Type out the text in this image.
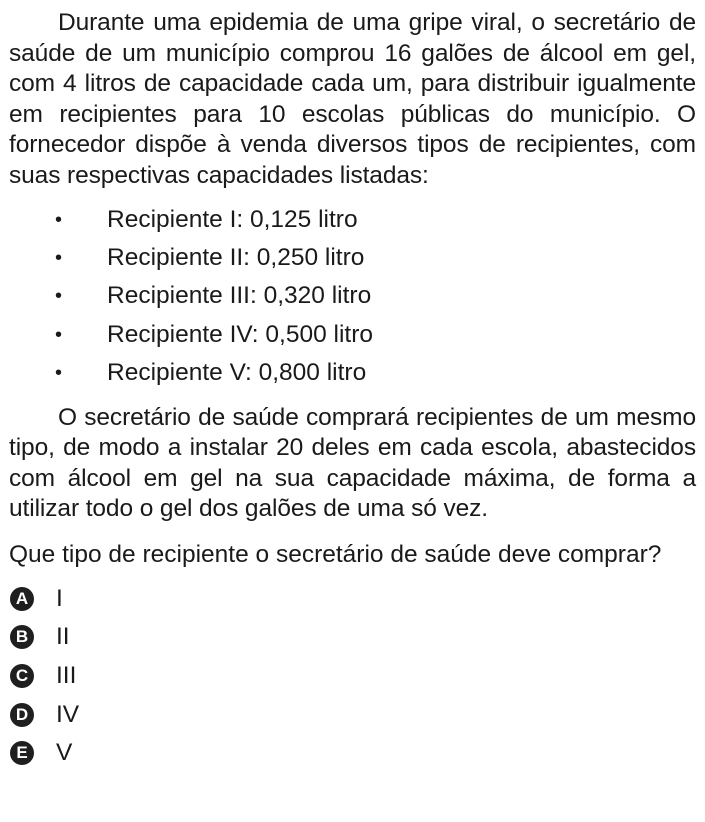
Durante uma epidemia de uma gripe viral, o secretário de saúde de um município comprou 16 galões de álcool em gel, com 4 litros de capacidade cada um, para distribuir igualmente em recipientes para 10 escolas públicas do município. O fornecedor dispõe à venda diversos tipos de recipientes, com suas respectivas capacidades listadas:

• Recipiente I: 0,125 litro
• Recipiente II: 0,250 litro
• Recipiente III: 0,320 litro
• Recipiente IV: 0,500 litro
• Recipiente V: 0,800 litro

O secretário de saúde comprará recipientes de um mesmo tipo, de modo a instalar 20 deles em cada escola, abastecidos com álcool em gel na sua capacidade máxima, de forma a utilizar todo o gel dos galões de uma só vez.

Que tipo de recipiente o secretário de saúde deve comprar?

A I
B II
C III
D IV
E V
